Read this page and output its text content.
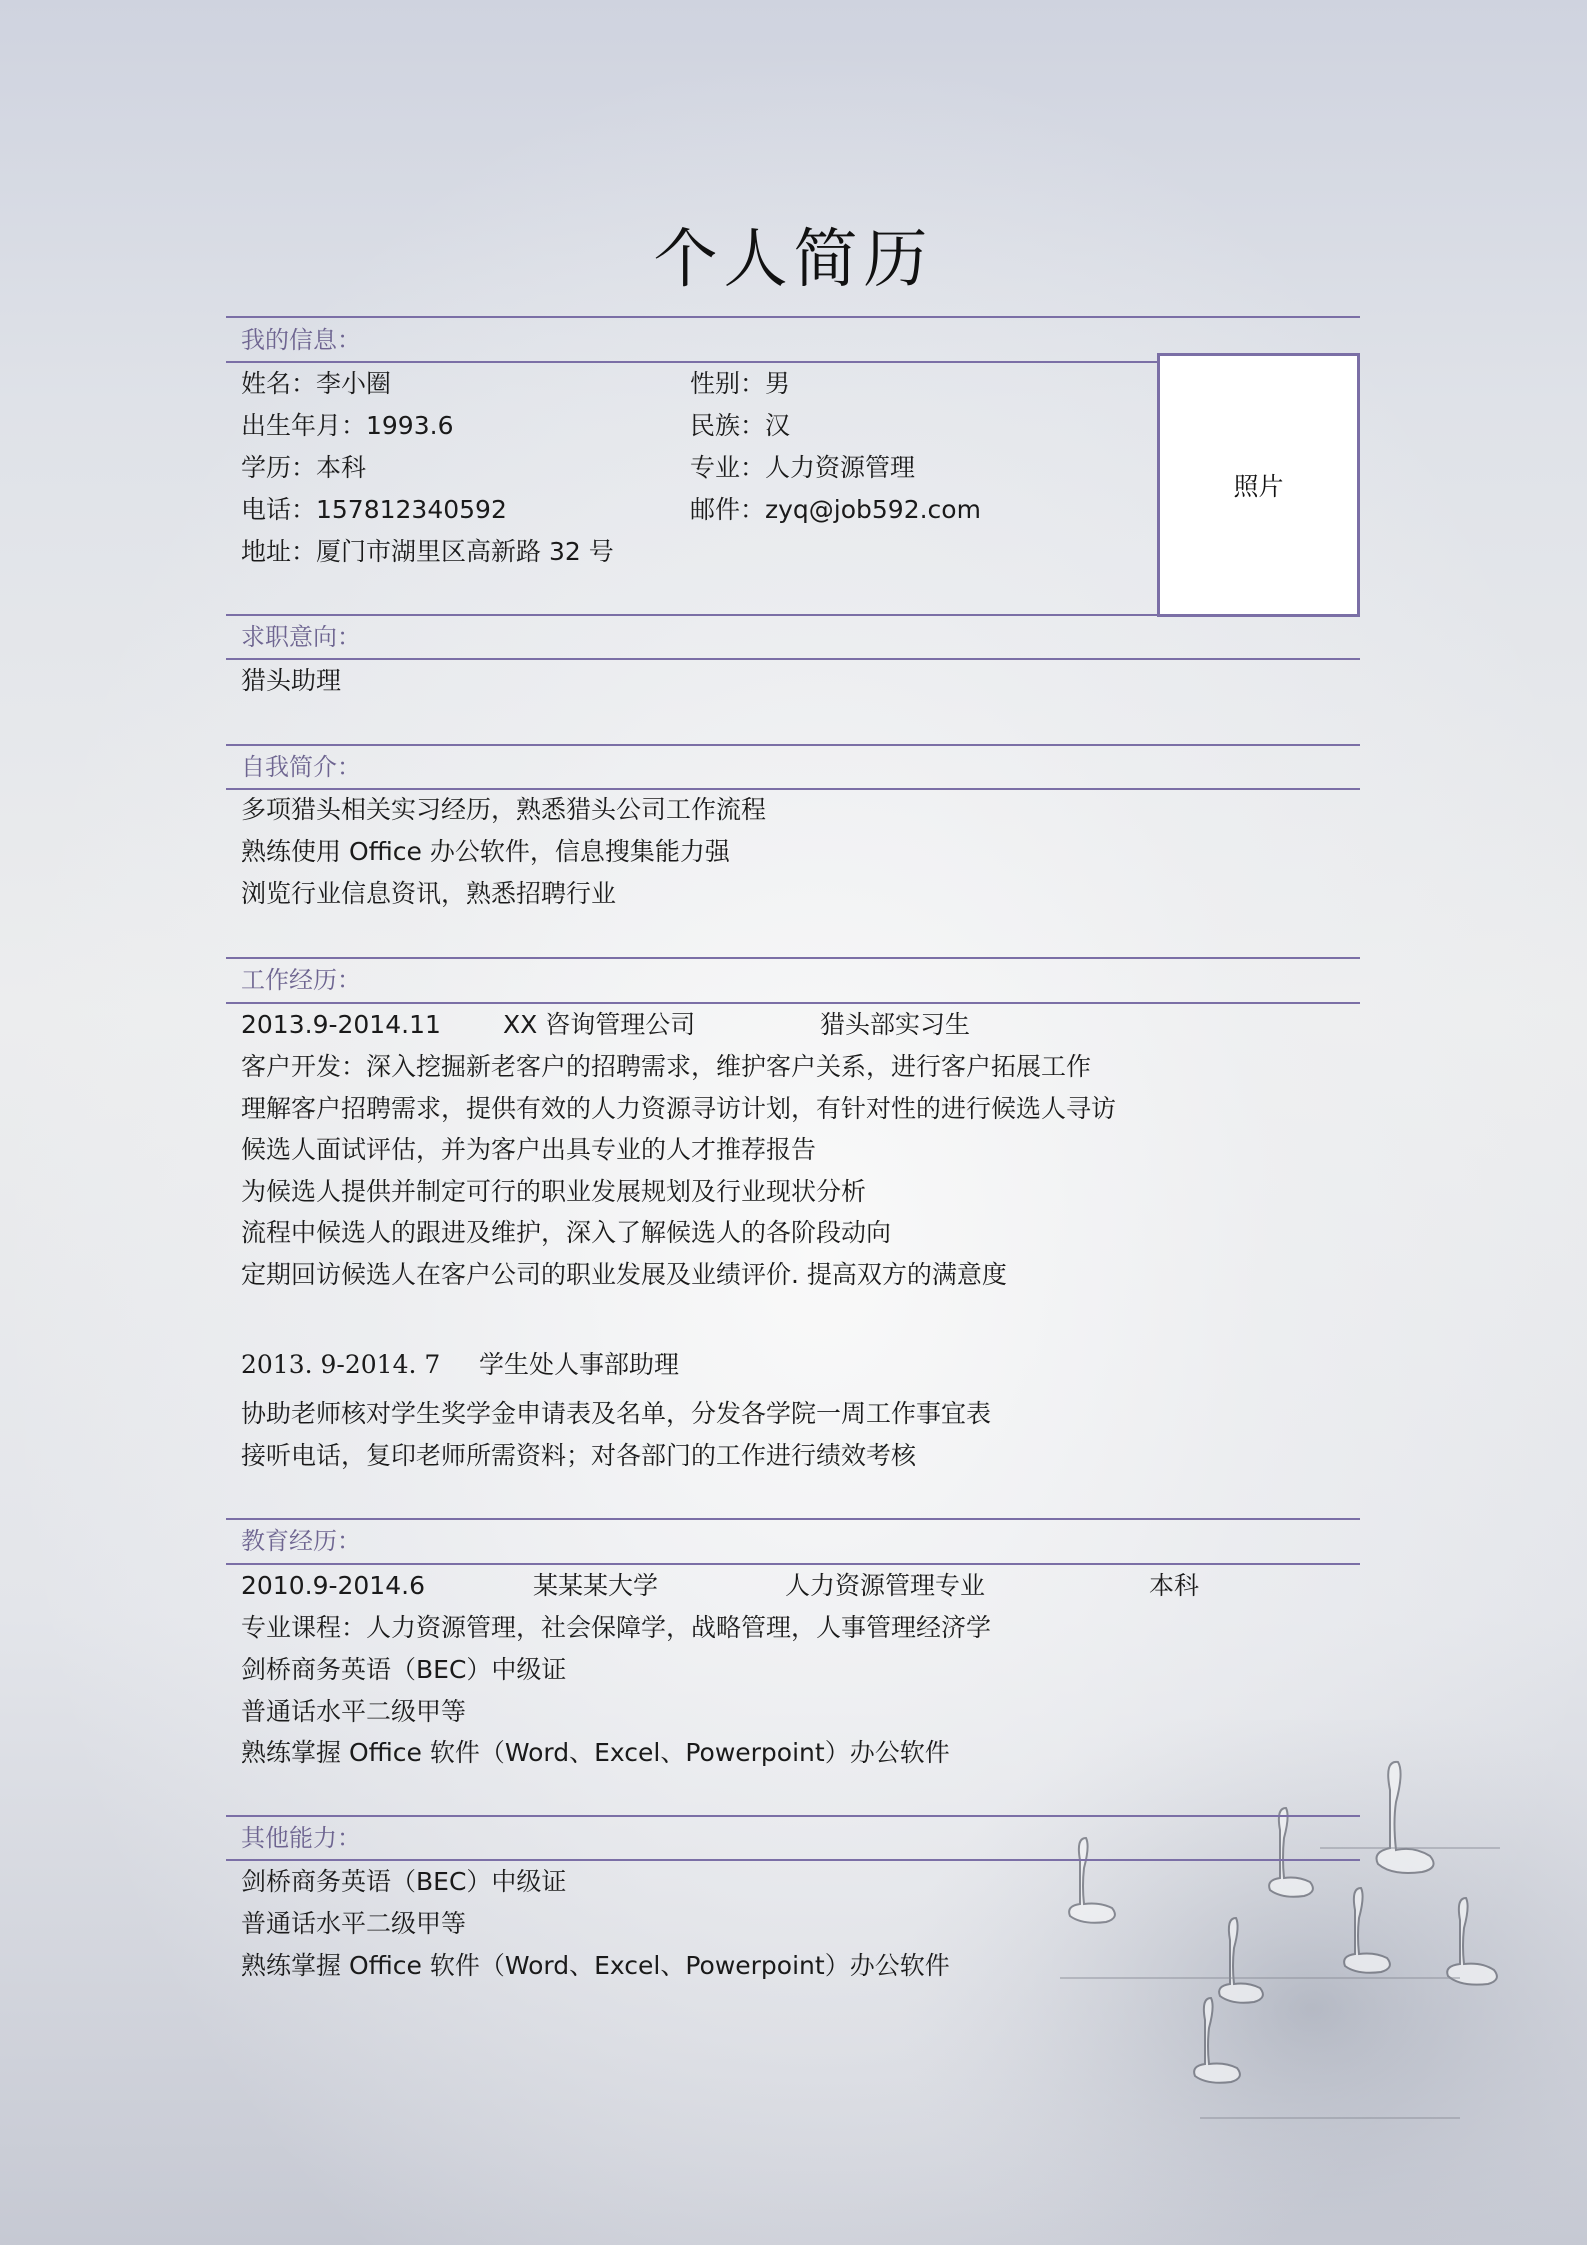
个人简历
我的信息：
姓名：李小圈	性别：男
出生年月：1993.6	民族：汉
学历：本科	专业：人力资源管理
电话：157812340592	邮件：zyq@job592.com
地址：厦门市湖里区高新路 32 号
照片
求职意向：
猎头助理
自我简介：
多项猎头相关实习经历，熟悉猎头公司工作流程
熟练使用 Office 办公软件，信息搜集能力强
浏览行业信息资讯，熟悉招聘行业
工作经历：
2013.9-2014.11 XX 咨询管理公司	猎头部实习生
客户开发：深入挖掘新老客户的招聘需求，维护客户关系，进行客户拓展工作
理解客户招聘需求，提供有效的人力资源寻访计划，有针对性的进行候选人寻访
候选人面试评估，并为客户出具专业的人才推荐报告
为候选人提供并制定可行的职业发展规划及行业现状分析
流程中候选人的跟进及维护，深入了解候选人的各阶段动向
定期回访候选人在客户公司的职业发展及业绩评价. 提高双方的满意度
2013. 9-2014. 7 学生处人事部助理
协助老师核对学生奖学金申请表及名单，分发各学院一周工作事宜表
接听电话，复印老师所需资料；对各部门的工作进行绩效考核
教育经历：
2010.9-2014.6	某某某大学	人力资源管理专业	本科
专业课程：人力资源管理，社会保障学，战略管理，人事管理经济学
剑桥商务英语（BEC）中级证
普通话水平二级甲等
熟练掌握 Office 软件（Word、Excel、Powerpoint）办公软件
其他能力：
剑桥商务英语（BEC）中级证
普通话水平二级甲等
熟练掌握 Office 软件（Word、Excel、Powerpoint）办公软件
